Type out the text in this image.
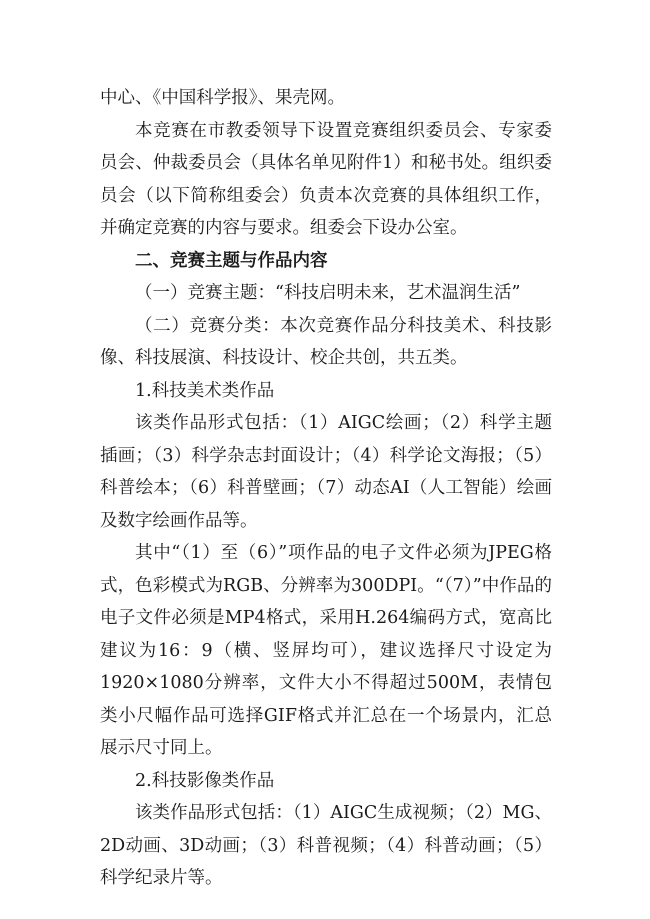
中心、《中国科学报》、果壳网。

本竞赛在市教委领导下设置竞赛组织委员会、专家委员会、仲裁委员会（具体名单见附件1）和秘书处。组织委员会（以下简称组委会）负责本次竞赛的具体组织工作，并确定竞赛的内容与要求。组委会下设办公室。

二、竞赛主题与作品内容

（一）竞赛主题：“科技启明未来，艺术温润生活”

（二）竞赛分类：本次竞赛作品分科技美术、科技影像、科技展演、科技设计、校企共创，共五类。

1.科技美术类作品

该类作品形式包括：（1）AIGC绘画；（2）科学主题插画；（3）科学杂志封面设计；（4）科学论文海报；（5）科普绘本；（6）科普壁画；（7）动态AI（人工智能）绘画及数字绘画作品等。

其中“（1）至（6）”项作品的电子文件必须为JPEG格式，色彩模式为RGB、分辨率为300DPI。“（7）”中作品的电子文件必须是MP4格式，采用H.264编码方式，宽高比建议为16：9（横、竖屏均可），建议选择尺寸设定为1920×1080分辨率，文件大小不得超过500M，表情包类小尺幅作品可选择GIF格式并汇总在一个场景内，汇总展示尺寸同上。

2.科技影像类作品

该类作品形式包括：（1）AIGC生成视频；（2）MG、2D动画、3D动画；（3）科普视频；（4）科普动画；（5）科学纪录片等。
